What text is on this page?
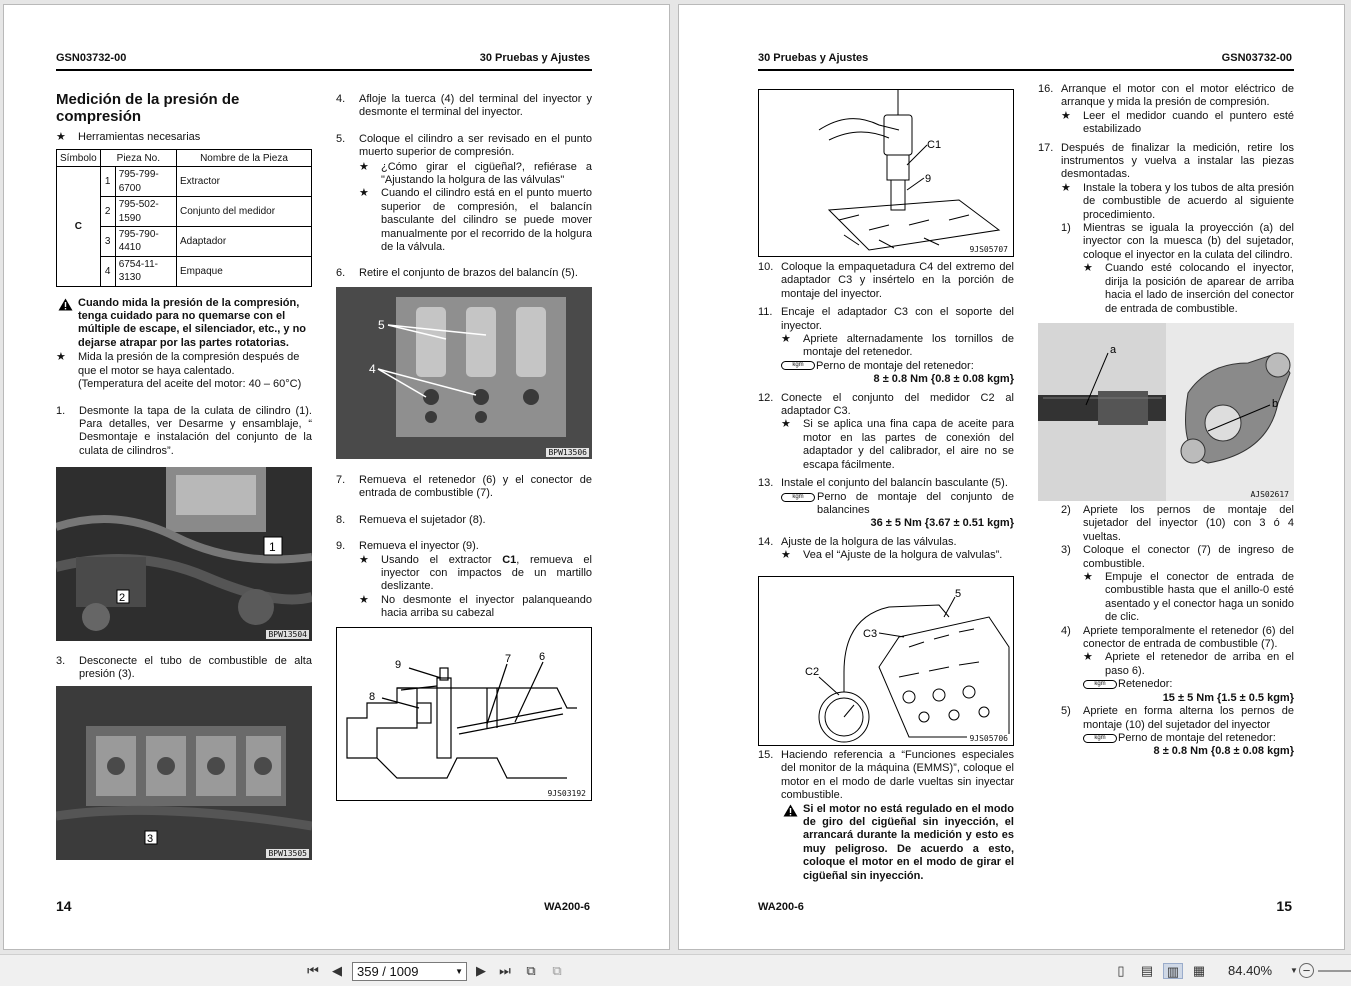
GSN03732-00	30 Pruebas y Ajustes
Medición de la presión de compresión
★ Herramientas necesarias
Símbolo	Pieza No.		Nombre de la Pieza
C	1	795-799-6700	Extractor
	2	795-502-1590	Conjunto del medidor
	3	795-790-4410	Adaptador
	4	6754-11-3130	Empaque
Cuando mida la presión de la compresión, tenga cuidado para no quemarse con el múltiple de escape, el silenciador, etc., y no dejarse atrapar por las partes rotatorias.
★ Mida la presión de la compresión después de que el motor se haya calentado.
(Temperatura del aceite del motor: 40 – 60°C)
1. Desmonte la tapa de la culata de cilindro (1). Para detalles, ver Desarme y ensamblaje, “ Desmontaje e instalación del conjunto de la culata de cilindros”.
1
2
BPW13504
3. Desconecte el tubo de combustible de alta presión (3).
3
BPW13505
4. Afloje la tuerca (4) del terminal del inyector y desmonte el terminal del inyector.
5. Coloque el cilindro a ser revisado en el punto muerto superior de compresión.
★ ¿Cómo girar el cigüeñal?, refiérase a "Ajustando la holgura de las válvulas"
★ Cuando el cilindro está en el punto muerto superior de compresión, el balancín basculante del cilindro se puede mover manualmente por el recorrido de la holgura de la válvula.
6. Retire el conjunto de brazos del balancín (5).
5
4
BPW13506
7. Remueva el retenedor (6) y el conector de entrada de combustible (7).
8. Remueva el sujetador (8).
9. Remueva el inyector (9).
★ Usando el extractor C1, remueva el inyector con impactos de un martillo deslizante.
★ No desmonte el inyector palanqueando hacia arriba su cabezal
9
8
7	6
9JS03192
14	WA200-6
30 Pruebas y Ajustes	GSN03732-00
C1
9
9JS05707
10. Coloque la empaquetadura C4 del extremo del adaptador C3 y insértelo en la porción de montaje del inyector.
11. Encaje el adaptador C3 con el soporte del inyector.
★ Apriete alternadamente los tornillos de montaje del retenedor.
kgm Perno de montaje del retenedor:
8 ± 0.8 Nm {0.8 ± 0.08 kgm}
12. Conecte el conjunto del medidor C2 al adaptador C3.
★ Si se aplica una fina capa de aceite para motor en las partes de conexión del adaptador y del calibrador, el aire no se escapa fácilmente.
13. Instale el conjunto del balancín basculante (5).
kgm	Perno de montaje del conjunto de balancines
36 ± 5 Nm {3.67 ± 0.51 kgm}
14. Ajuste de la holgura de las válvulas.
★ Vea el “Ajuste de la holgura de valvulas”.
C3
5
C2
9JS05706
15. Haciendo referencia a “Funciones especiales del monitor de la máquina (EMMS)”, coloque el motor en el modo de darle vueltas sin inyectar combustible.
Si el motor no está regulado en el modo de giro del cigüeñal sin inyección, el arrancará durante la medición y esto es muy peligroso. De acuerdo a esto, coloque el motor en el modo de girar el cigüeñal sin inyección.
16. Arranque el motor con el motor eléctrico de arranque y mida la presión de compresión.
★ Leer el medidor cuando el puntero esté estabilizado
17. Después de finalizar la medición, retire los instrumentos y vuelva a instalar las piezas desmontadas.
★ Instale la tobera y los tubos de alta presión de combustible de acuerdo al siguiente procedimiento.
1) Mientras se iguala la proyección (a) del inyector con la muesca (b) del sujetador, coloque el inyector en la culata del cilindro.
★ Cuando esté colocando el inyector, dirija la posición de aparear de arriba hacia el lado de inserción del conector de entrada de combustible.
a
b
AJS02617
2) Apriete los pernos de montaje del sujetador del inyector (10) con 3 ó 4 vueltas.
3) Coloque el conector (7) de ingreso de combustible.
★ Empuje el conector de entrada de combustible hasta que el anillo-0 esté asentado y el conector haga un sonido de clic.
4) Apriete temporalmente el retenedor (6) del conector de entrada de combustible (7).
★ Apriete el retenedor de arriba en el paso 6).
kgm Retenedor:
15 ± 5 Nm {1.5 ± 0.5 kgm}
5) Apriete en forma alterna los pernos de montaje (10) del sujetador del inyector
kgm Perno de montaje del retenedor:
8 ± 0.8 Nm {0.8 ± 0.08 kgm}
WA200-6	15
⏮ ◀	359 / 1009	▼ ▶ ⏭ ⧉ ⧉	▯	▤ ▥ ▦ 84.40%	▼ −
